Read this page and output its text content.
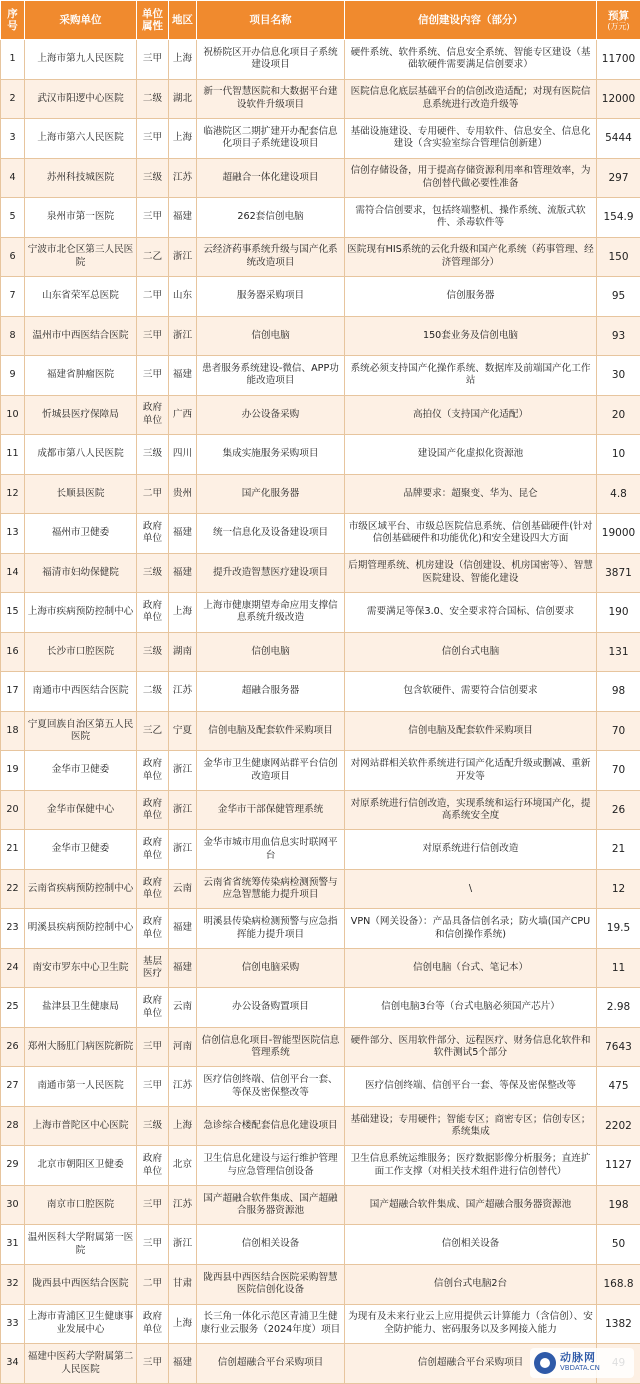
序号	采购单位	单位属性	地区	项目名称	信创建设内容（部分）	预算
(万元)

1	上海市第九人民医院	三甲	上海	祝桥院区开办信息化项目子系统建设项目	硬件系统、软件系统、信息安全系统、智能专区建设（基础软硬件需要满足信创要求）	11700
2	武汉市阳逻中心医院	二级	湖北	新一代智慧医院和大数据平台建设软件升级项目	医院信息化底层基础平台的信创改造适配；对现有医院信息系统进行改造升级等	12000
3	上海市第六人民医院	三甲	上海	临港院区二期扩建开办配套信息化项目子系统建设项目	基础设施建设、专用硬件、专用软件、信息安全、信息化建设（含实验室综合管理信创新建）	5444
4	苏州科技城医院	三级	江苏	超融合一体化建设项目	信创存储设备，用于提高存储资源利用率和管理效率，为信创替代做必要性准备	297
5	泉州市第一医院	三甲	福建	262套信创电脑	需符合信创要求，包括终端整机、操作系统、流版式软件、杀毒软件等	154.9
6	宁波市北仑区第三人民医院	二乙	浙江	云经济药事系统升级与国产化系统改造项目	医院现有HIS系统的云化升级和国产化系统（药事管理、经济管理部分）	150
7	山东省荣军总医院	二甲	山东	服务器采购项目	信创服务器	95
8	温州市中西医结合医院	三甲	浙江	信创电脑	150套业务及信创电脑	93
9	福建省肿瘤医院	三甲	福建	患者服务系统建设-微信、APP功能改造项目	系统必须支持国产化操作系统、数据库及前端国产化工作站	30
10	忻城县医疗保障局	政府单位	广西	办公设备采购	高拍仪（支持国产化适配）	20
11	成都市第八人民医院	三级	四川	集成实施服务采购项目	建设国产化虚拟化资源池	10
12	长顺县医院	二甲	贵州	国产化服务器	品牌要求：超聚变、华为、昆仑	4.8
13	福州市卫健委	政府单位	福建	统一信息化及设备建设项目	市级区域平台、市级总医院信息系统、信创基础硬件(针对信创基础硬件和功能优化)和安全建设四大方面	19000
14	福清市妇幼保健院	三级	福建	提升改造智慧医疗建设项目	后期管理系统、机房建设（信创建设、机房国密等）、智慧医院建设、智能化建设	3871
15	上海市疾病预防控制中心	政府单位	上海	上海市健康期望寿命应用支撑信息系统升级改造	需要满足等保3.0、安全要求符合国标、信创要求	190
16	长沙市口腔医院	三级	湖南	信创电脑	信创台式电脑	131
17	南通市中西医结合医院	二级	江苏	超融合服务器	包含软硬件、需要符合信创要求	98
18	宁夏回族自治区第五人民医院	三乙	宁夏	信创电脑及配套软件采购项目	信创电脑及配套软件采购项目	70
19	金华市卫健委	政府单位	浙江	金华市卫生健康网站群平台信创改造项目	对网站群相关软件系统进行国产化适配升级或删减、重新开发等	70
20	金华市保健中心	政府单位	浙江	金华市干部保健管理系统	对原系统进行信创改造，实现系统和运行环境国产化，提高系统安全度	26
21	金华市卫健委	政府单位	浙江	金华市城市用血信息实时联网平台	对原系统进行信创改造	21
22	云南省疾病预防控制中心	政府单位	云南	云南省省统筹传染病检测预警与应急智慧能力提升项目	\	12
23	明溪县疾病预防控制中心	政府单位	福建	明溪县传染病检测预警与应急指挥能力提升项目	VPN（网关设备）：产品具备信创名录；防火墙(国产CPU和信创操作系统)	19.5
24	南安市罗东中心卫生院	基层医疗	福建	信创电脑采购	信创电脑（台式、笔记本）	11
25	盐津县卫生健康局	政府单位	云南	办公设备购置项目	信创电脑3台等（台式电脑必须国产芯片）	2.98
26	郑州大肠肛门病医院新院	三甲	河南	信创信息化项目-智能型医院信息管理系统	硬件部分、医用软件部分、远程医疗、财务信息化软件和软件测试5个部分	7643
27	南通市第一人民医院	三甲	江苏	医疗信创终端、信创平台一套、等保及密保整改等	医疗信创终端、信创平台一套、等保及密保整改等	475
28	上海市普陀区中心医院	三级	上海	急诊综合楼配套信息化建设项目	基础建设；专用硬件；智能专区；商密专区；信创专区；系统集成	2202
29	北京市朝阳区卫健委	政府单位	北京	卫生信息化建设与运行维护管理与应急管理信创设备	卫生信息系统运维服务；医疗数据影像分析服务；直连扩面工作支撑（对相关技术组件进行信创替代）	1127
30	南京市口腔医院	三甲	江苏	国产超融合软件集成、国产超融合服务器资源池	国产超融合软件集成、国产超融合服务器资源池	198
31	温州医科大学附属第一医院	三甲	浙江	信创相关设备	信创相关设备	50
32	陇西县中西医结合医院	二甲	甘肃	陇西县中西医结合医院采购智慧医院信创化设备	信创台式电脑2台	168.8
33	上海市青浦区卫生健康事业发展中心	政府单位	上海	长三角一体化示范区青浦卫生健康行业云服务（2024年度）项目	为现有及未来行业云上应用提供云计算能力（含信创）、安全防护能力、密码服务以及多网接入能力	1382
34	福建中医药大学附属第二人民医院	三甲	福建	信创超融合平台采购项目	信创超融合平台采购项目		动脉网
VBDATA.CN
